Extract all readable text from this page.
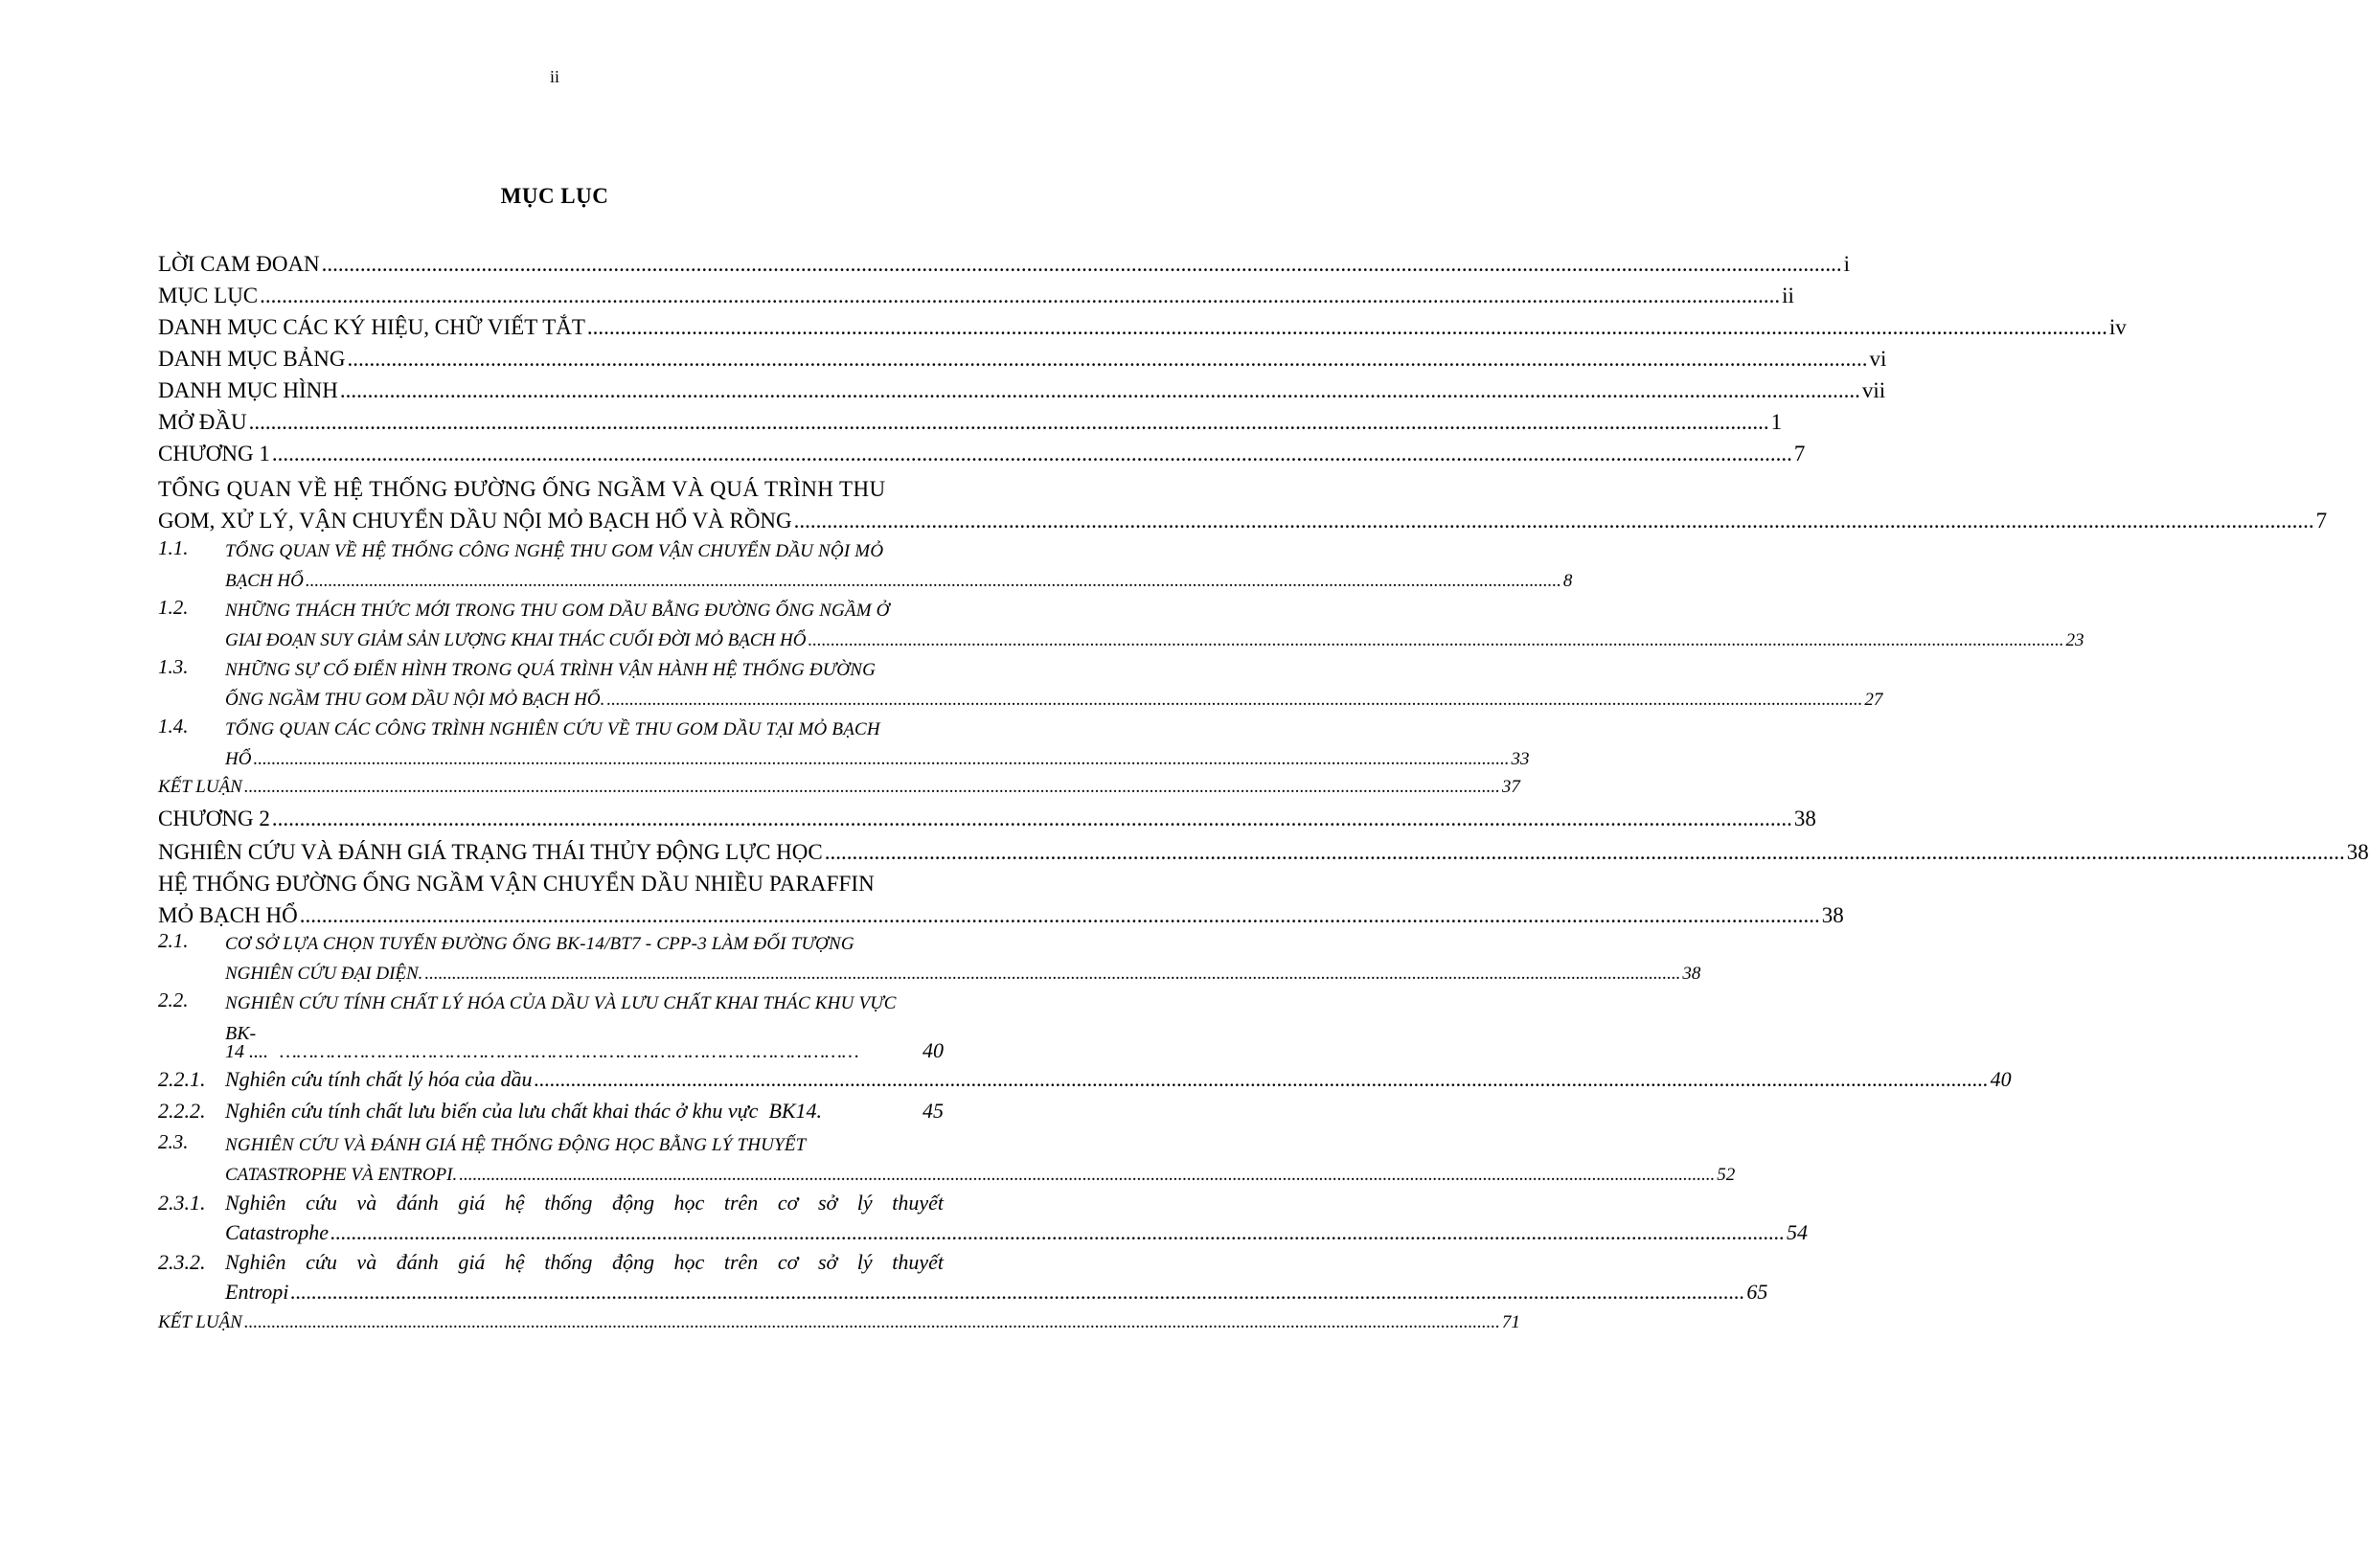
ii
MỤC LỤC
LỜI CAM ĐOAN .................................................................................................................................................................................................................................................................................... i
MỤC LỤC .................................................................................................................................................................................................................................................................................... ii
DANH MỤC CÁC KÝ HIỆU, CHỮ VIẾT TẮT .................................................................................................................................................................................................................................................................................... iv
DANH MỤC BẢNG .................................................................................................................................................................................................................................................................................... vi
DANH MỤC HÌNH .................................................................................................................................................................................................................................................................................... vii
MỞ ĐẦU .................................................................................................................................................................................................................................................................................... 1
CHƯƠNG 1 .................................................................................................................................................................................................................................................................................... 7
TỔNG QUAN VỀ HỆ THỐNG ĐƯỜNG ỐNG NGẦM VÀ QUÁ TRÌNH THU
GOM, XỬ LÝ, VẬN CHUYỂN DẦU NỘI MỎ BẠCH HỔ VÀ RỒNG .................................................................................................................................................................................................................................................................................... 7
1.1.	TỔNG QUAN VỀ HỆ THỐNG CÔNG NGHỆ THU GOM VẬN CHUYỂN DẦU NỘI MỎ
BẠCH HỔ .................................................................................................................................................................................................................................................................................... 8
1.2.	NHỮNG THÁCH THỨC MỚI TRONG THU GOM DẦU BẰNG ĐƯỜNG ỐNG NGẦM Ở
GIAI ĐOẠN SUY GIẢM SẢN LƯỢNG KHAI THÁC CUỐI ĐỜI MỎ BẠCH HỔ .................................................................................................................................................................................................................................................................................... 23
1.3.	NHỮNG SỰ CỐ ĐIỂN HÌNH TRONG QUÁ TRÌNH VẬN HÀNH HỆ THỐNG ĐƯỜNG
ỐNG NGẦM THU GOM DẦU NỘI MỎ BẠCH HỔ. .................................................................................................................................................................................................................................................................................... 27
1.4.	TỔNG QUAN CÁC CÔNG TRÌNH NGHIÊN CỨU VỀ THU GOM DẦU TẠI MỎ BẠCH
HỔ .................................................................................................................................................................................................................................................................................... 33
KẾT LUẬN .................................................................................................................................................................................................................................................................................... 37
CHƯƠNG 2 .................................................................................................................................................................................................................................................................................... 38
NGHIÊN CỨU VÀ ĐÁNH GIÁ TRẠNG THÁI THỦY ĐỘNG LỰC HỌC .................................................................................................................................................................................................................................................................................... 38
HỆ THỐNG ĐƯỜNG ỐNG NGẦM VẬN CHUYỂN DẦU NHIỀU PARAFFIN
MỎ BẠCH HỔ .................................................................................................................................................................................................................................................................................... 38
2.1.	CƠ SỞ LỰA CHỌN TUYẾN ĐƯỜNG ỐNG BK-14/BT7 - CPP-3 LÀM ĐỐI TƯỢNG
NGHIÊN CỨU ĐẠI DIỆN. .................................................................................................................................................................................................................................................................................... 38
2.2.	NGHIÊN CỨU TÍNH CHẤT LÝ HÓA CỦA DẦU VÀ LƯU CHẤT KHAI THÁC KHU VỰC
BK-
14 .... …………………………………………………………………………………………	40
2.2.1. Nghiên cứu tính chất lý hóa của dầu .................................................................................................................................................................................................................................................................................... 40
2.2.2. Nghiên cứu tính chất lưu biến của lưu chất khai thác ở khu vực  BK14.	45
2.3.	NGHIÊN CỨU VÀ ĐÁNH GIÁ HỆ THỐNG ĐỘNG HỌC BẰNG LÝ THUYẾT
CATASTROPHE VÀ ENTROPI. .................................................................................................................................................................................................................................................................................... 52
2.3.1. Nghiên cứu và đánh giá hệ thống động học trên cơ sở lý thuyết
Catastrophe .................................................................................................................................................................................................................................................................................... 54
2.3.2. Nghiên cứu và đánh giá hệ thống động học trên cơ sở lý thuyết
Entropi .................................................................................................................................................................................................................................................................................... 65
KẾT LUẬN .................................................................................................................................................................................................................................................................................... 71
